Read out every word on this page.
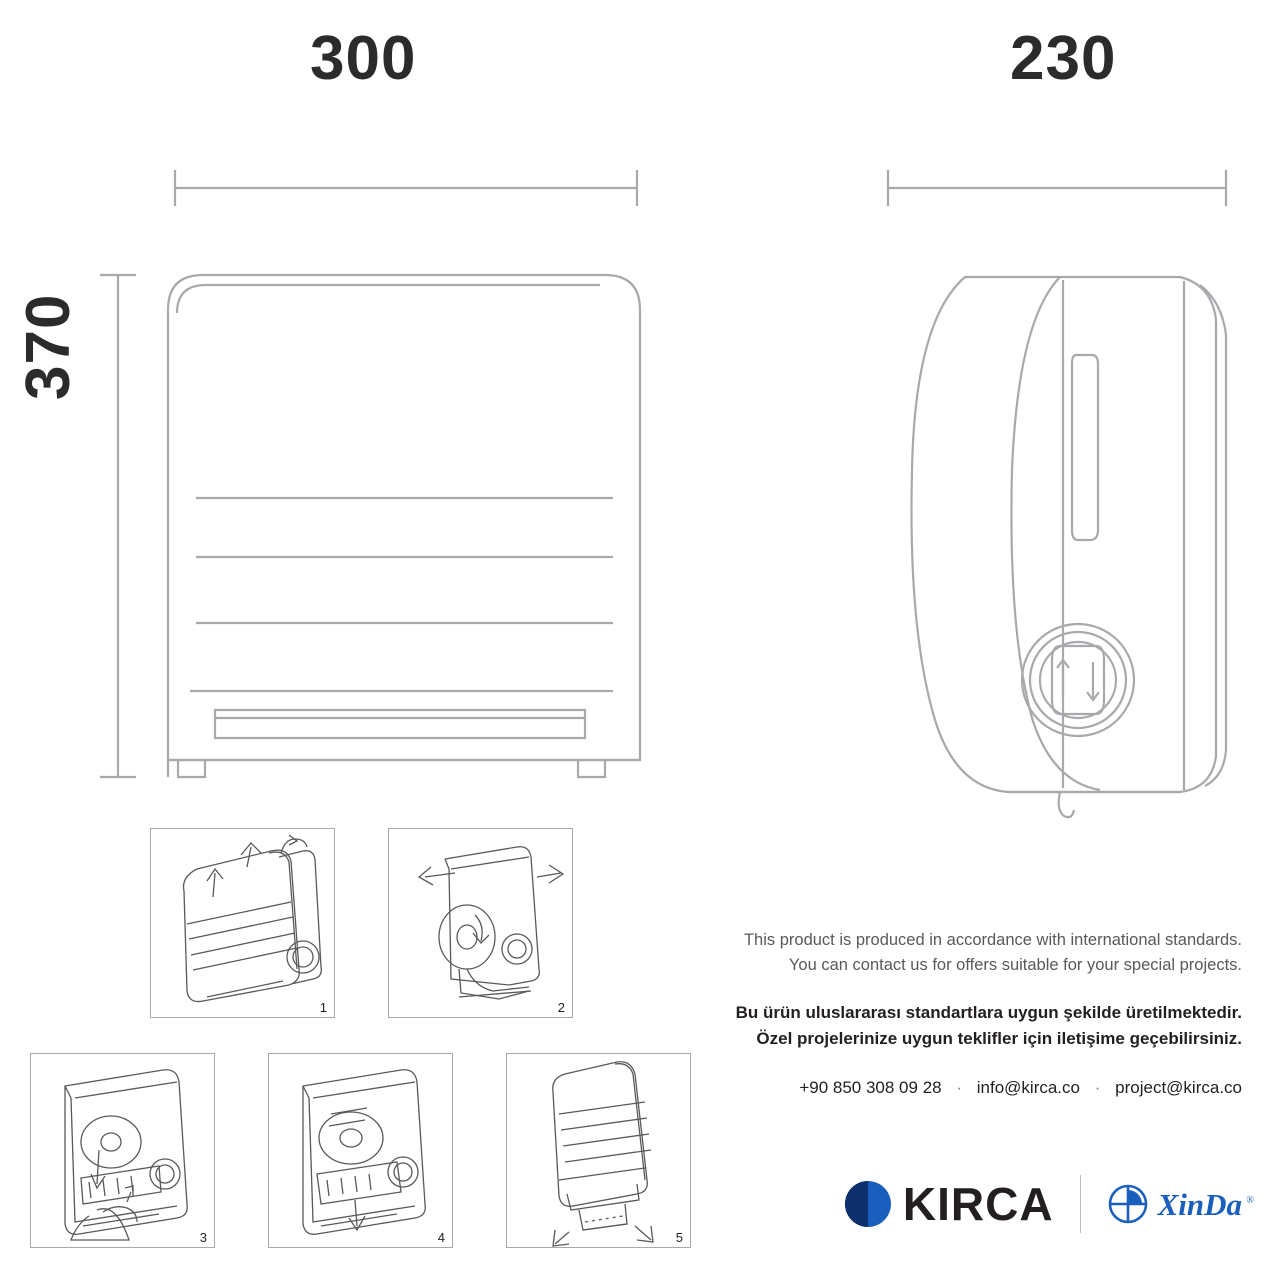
300	230
370
1	2
3	4	5
This product is produced in accordance with international standards.
You can contact us for offers suitable for your special projects.
Bu ürün uluslararası standartlara uygun şekilde üretilmektedir.
Özel projelerinize uygun teklifler için iletişime geçebilirsiniz.
+90 850 308 09 28 · info@kirca.co · project@kirca.co
KIRCA	XinDa ®
